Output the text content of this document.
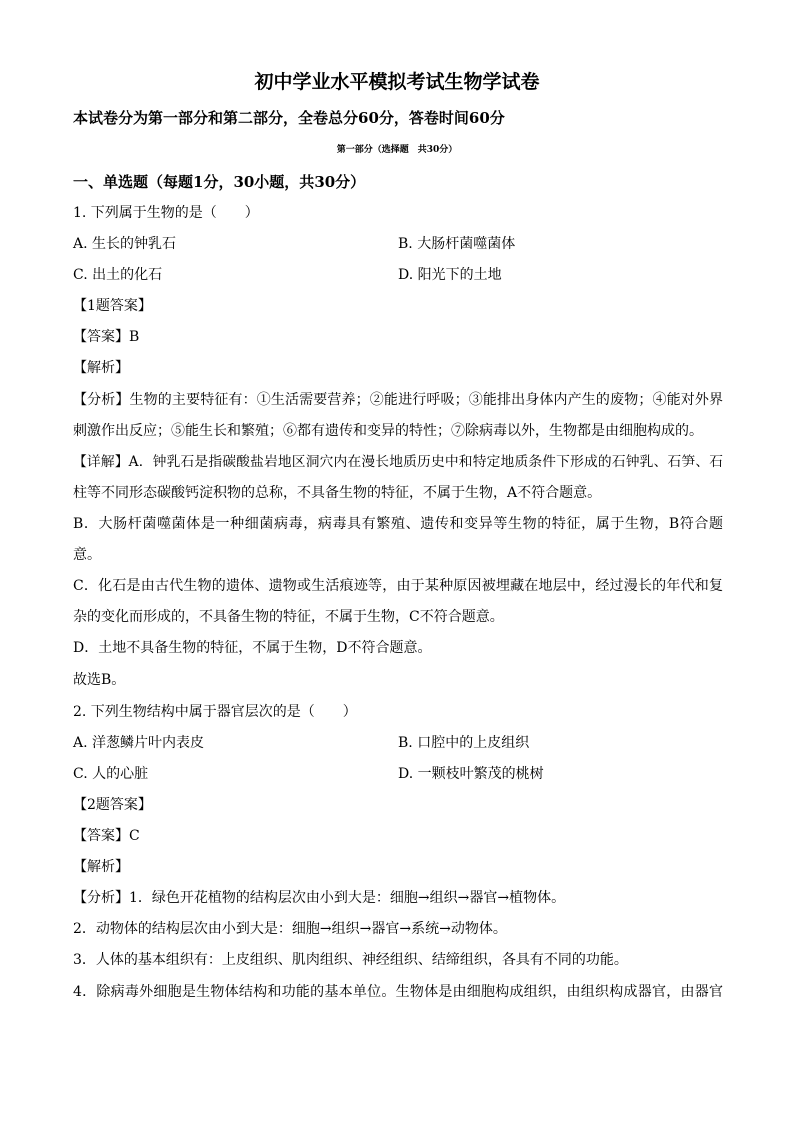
初中学业水平模拟考试生物学试卷
本试卷分为第一部分和第二部分，全卷总分60分，答卷时间60分
第一部分（选择题　共30分）
一、单选题（每题1分，30小题，共30分）
1. 下列属于生物的是（　　）
A. 生长的钟乳石	B. 大肠杆菌噬菌体
C. 出土的化石	D. 阳光下的土地
【1题答案】
【答案】B
【解析】
【分析】生物的主要特征有：①生活需要营养；②能进行呼吸；③能排出身体内产生的废物；④能对外界
刺激作出反应；⑤能生长和繁殖；⑥都有遗传和变异的特性；⑦除病毒以外，生物都是由细胞构成的。
【详解】A．钟乳石是指碳酸盐岩地区洞穴内在漫长地质历史中和特定地质条件下形成的石钟乳、石笋、石
柱等不同形态碳酸钙淀积物的总称，不具备生物的特征，不属于生物，A不符合题意。
B．大肠杆菌噬菌体是一种细菌病毒，病毒具有繁殖、遗传和变异等生物的特征，属于生物，B符合题
意。
C．化石是由古代生物的遗体、遗物或生活痕迹等，由于某种原因被埋藏在地层中，经过漫长的年代和复
杂的变化而形成的，不具备生物的特征，不属于生物，C不符合题意。
D．土地不具备生物的特征，不属于生物，D不符合题意。
故选B。
2. 下列生物结构中属于器官层次的是（　　）
A. 洋葱鳞片叶内表皮	B. 口腔中的上皮组织
C. 人的心脏	D. 一颗枝叶繁茂的桃树
【2题答案】
【答案】C
【解析】
【分析】1．绿色开花植物的结构层次由小到大是：细胞→组织→器官→植物体。
2．动物体的结构层次由小到大是：细胞→组织→器官→系统→动物体。
3．人体的基本组织有：上皮组织、肌肉组织、神经组织、结缔组织，各具有不同的功能。
4．除病毒外细胞是生物体结构和功能的基本单位。生物体是由细胞构成组织，由组织构成器官，由器官
